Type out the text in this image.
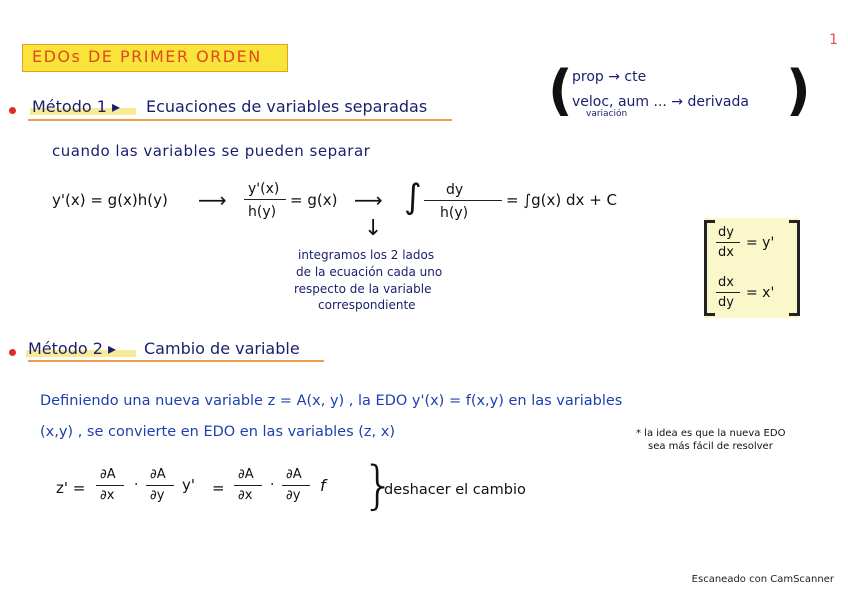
EDOs DE PRIMER ORDEN
1
(	)
prop → cte
veloc, aum ... → derivada
variación
Método 1 ▸ Ecuaciones de variables separadas
cuando las variables se pueden separar
y'(x) = g(x)h(y) ⟶ y'(x)
h(y)
= g(x) ⟶ ∫ dy
h(y)
= ∫g(x) dx + C
↓
integramos los 2 lados
de la ecuación cada uno
respecto de la variable
correspondiente
dy
dx
= y'
dx
dy
= x'
Método 2 ▸ Cambio de variable
Definiendo una nueva variable z = A(x, y) , la EDO y'(x) = f(x,y) en las variables
(x,y) , se convierte en EDO en las variables (z, x)	* la idea es que la nueva EDO
sea más fácil de resolver
z' =
∂A
∂x
·
∂A
∂y
y' =
∂A
∂x
·
∂A
∂y
f }
deshacer el cambio
Escaneado con CamScanner
